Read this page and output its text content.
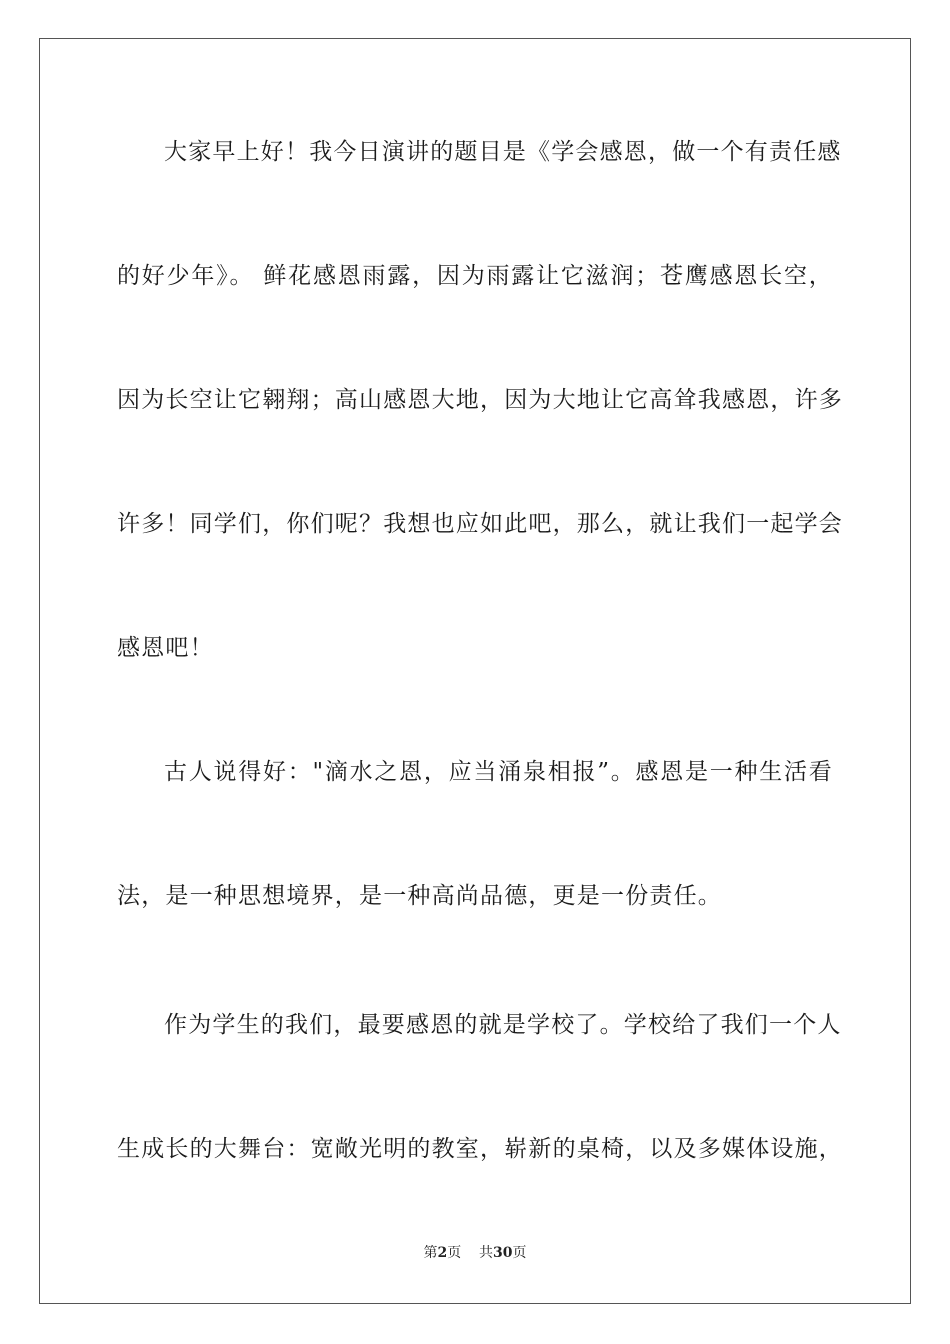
大家早上好！我今日演讲的题目是《学会感恩，做一个有责任感
的好少年》。 鲜花感恩雨露，因为雨露让它滋润；苍鹰感恩长空，
因为长空让它翱翔；高山感恩大地，因为大地让它高耸我感恩，许多
许多！同学们，你们呢？我想也应如此吧，那么，就让我们一起学会
感恩吧！
古人说得好："滴水之恩，应当涌泉相报”。感恩是一种生活看
法，是一种思想境界，是一种高尚品德，更是一份责任。
作为学生的我们，最要感恩的就是学校了。学校给了我们一个人
生成长的大舞台：宽敞光明的教室，崭新的桌椅，以及多媒体设施，
第2页 共30页
